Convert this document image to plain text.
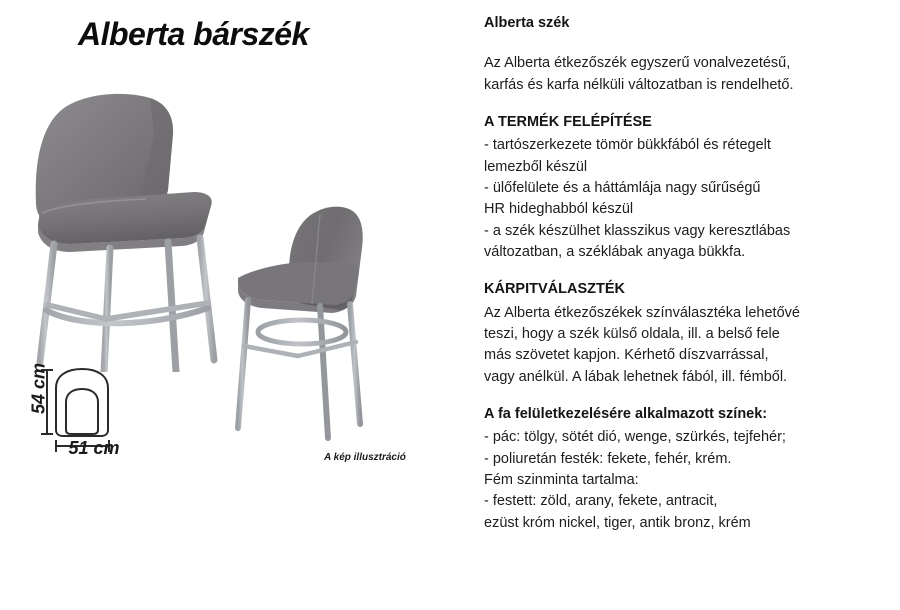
Alberta bárszék
54 cm
51 cm	A kép illusztráció
Alberta szék

Az Alberta étkezőszék egyszerű vonalvezetésű,

karfás és karfa nélküli változatban is rendelhető.

A TERMÉK FELÉPÍTÉSE

- tartószerkezete tömör bükkfából és rétegelt

lemezből készül

- ülőfelülete és a háttámlája nagy sűrűségű

HR hideghabból készül

- a szék készülhet klasszikus vagy keresztlábas

változatban, a széklábak anyaga bükkfa.

KÁRPITVÁLASZTÉK

Az Alberta étkezőszékek színválasztéka lehetővé

teszi, hogy a szék külső oldala, ill. a belső fele

más szövetet kapjon. Kérhető díszvarrással,

vagy anélkül. A lábak lehetnek fából, ill. fémből.

A fa felületkezelésére alkalmazott színek:

- pác: tölgy, sötét dió, wenge, szürkés, tejfehér;

- poliuretán festék: fekete, fehér, krém.

Fém szinminta tartalma:

- festett: zöld, arany, fekete, antracit,

ezüst króm nickel, tiger, antik bronz, krém
